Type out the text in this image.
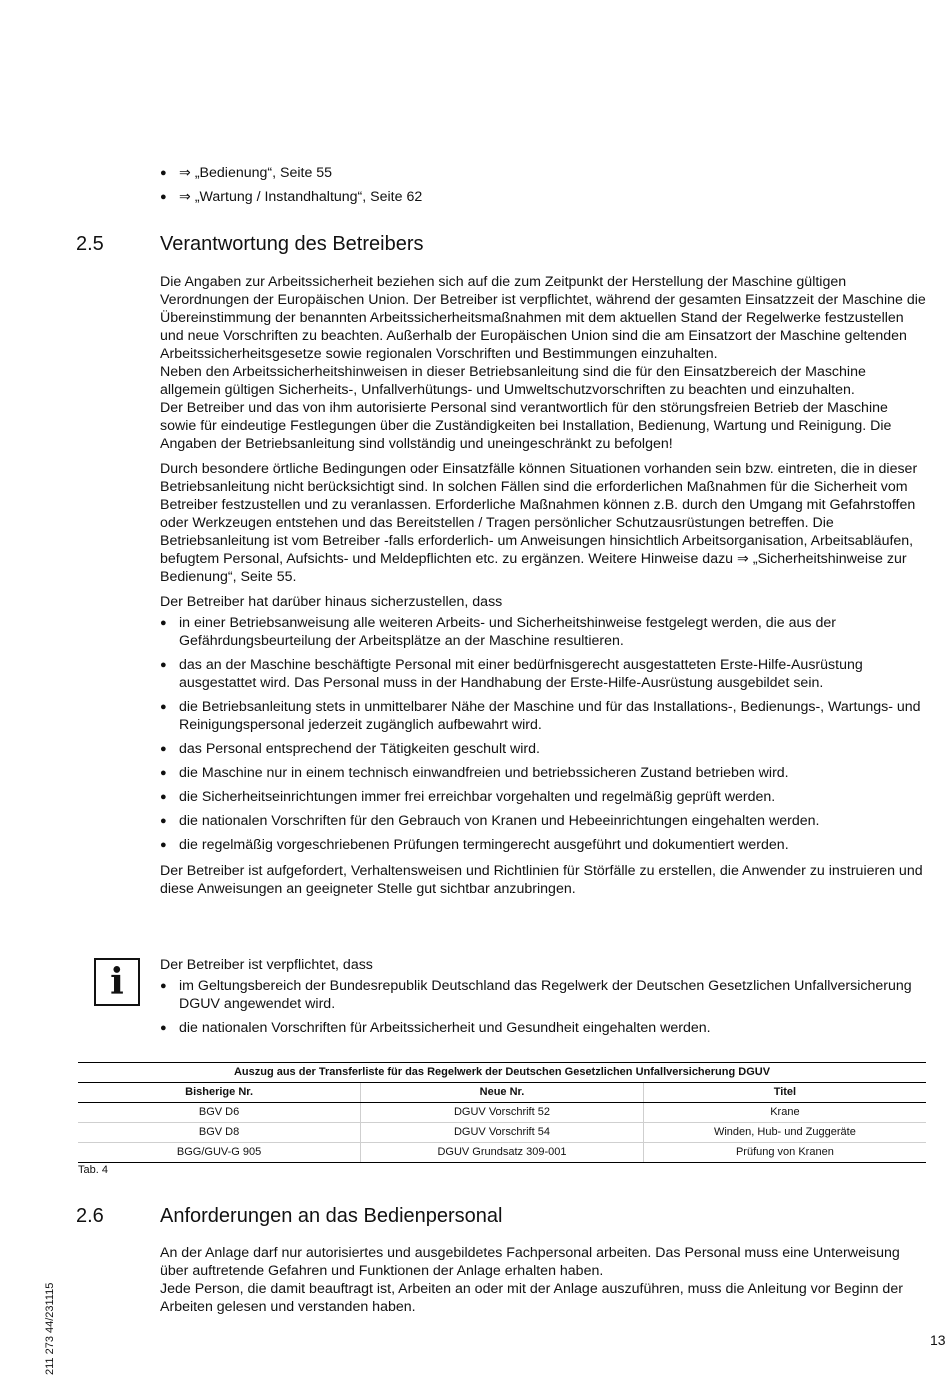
● ⇒ „Bedienung“, Seite 55

● ⇒ „Wartung / Instandhaltung“, Seite 62

2.5	Verantwortung des Betreibers

Die Angaben zur Arbeitssicherheit beziehen sich auf die zum Zeitpunkt der Herstellung der Maschine gültigen Verordnungen der Europäischen Union. Der Betreiber ist verpflichtet, während der gesamten Einsatzzeit der Maschine die Übereinstimmung der benannten Arbeitssicherheitsmaßnahmen mit dem aktuellen Stand der Regelwerke festzustellen und neue Vorschriften zu beachten. Außerhalb der Europäischen Union sind die am Einsatzort der Maschine geltenden Arbeitssicherheitsgesetze sowie regionalen Vorschriften und Bestimmungen einzuhalten.

Neben den Arbeitssicherheitshinweisen in dieser Betriebsanleitung sind die für den Einsatzbereich der Maschine allgemein gültigen Sicherheits-, Unfallverhütungs- und Umweltschutzvorschriften zu beachten und einzuhalten.

Der Betreiber und das von ihm autorisierte Personal sind verantwortlich für den störungsfreien Betrieb der Maschine sowie für eindeutige Festlegungen über die Zuständigkeiten bei Installation, Bedienung, Wartung und Reinigung. Die Angaben der Betriebsanleitung sind vollständig und uneingeschränkt zu befolgen!

Durch besondere örtliche Bedingungen oder Einsatzfälle können Situationen vorhanden sein bzw. eintreten, die in dieser Betriebsanleitung nicht berücksichtigt sind. In solchen Fällen sind die erforderlichen Maßnahmen für die Sicherheit vom Betreiber festzustellen und zu veranlassen. Erforderliche Maßnahmen können z.B. durch den Umgang mit Gefahrstoffen oder Werkzeugen entstehen und das Bereitstellen / Tragen persönlicher Schutzausrüstungen betreffen. Die Betriebsanleitung ist vom Betreiber -falls erforderlich- um Anweisungen hinsichtlich Arbeitsorganisation, Arbeitsabläufen, befugtem Personal, Aufsichts- und Meldepflichten etc. zu ergänzen. Weitere Hinweise dazu ⇒ „Sicherheitshinweise zur Bedienung“, Seite 55.

Der Betreiber hat darüber hinaus sicherzustellen, dass

● in einer Betriebsanweisung alle weiteren Arbeits- und Sicherheitshinweise festgelegt werden, die aus der Gefährdungsbeurteilung der Arbeitsplätze an der Maschine resultieren.

● das an der Maschine beschäftigte Personal mit einer bedürfnisgerecht ausgestatteten Erste-Hilfe-Ausrüstung ausgestattet wird. Das Personal muss in der Handhabung der Erste-Hilfe-Ausrüstung ausgebildet sein.

● die Betriebsanleitung stets in unmittelbarer Nähe der Maschine und für das Installations-, Bedienungs-, Wartungs- und Reinigungspersonal jederzeit zugänglich aufbewahrt wird.

● das Personal entsprechend der Tätigkeiten geschult wird.

● die Maschine nur in einem technisch einwandfreien und betriebssicheren Zustand betrieben wird.

● die Sicherheitseinrichtungen immer frei erreichbar vorgehalten und regelmäßig geprüft werden.

● die nationalen Vorschriften für den Gebrauch von Kranen und Hebeeinrichtungen eingehalten werden.

● die regelmäßig vorgeschriebenen Prüfungen termingerecht ausgeführt und dokumentiert werden.

Der Betreiber ist aufgefordert, Verhaltensweisen und Richtlinien für Störfälle zu erstellen, die Anwender zu instruieren und diese Anweisungen an geeigneter Stelle gut sichtbar anzubringen.

i	Der Betreiber ist verpflichtet, dass

● im Geltungsbereich der Bundesrepublik Deutschland das Regelwerk der Deutschen Gesetzlichen Unfallversicherung DGUV angewendet wird.

● die nationalen Vorschriften für Arbeitssicherheit und Gesundheit eingehalten werden.

Auszug aus der Transferliste für das Regelwerk der Deutschen Gesetzlichen Unfallversicherung DGUV		
Bisherige Nr.	Neue Nr.	Titel
BGV D6	DGUV Vorschrift 52	Krane
BGV D8	DGUV Vorschrift 54	Winden, Hub- und Zuggeräte
BGG/GUV-G 905	DGUV Grundsatz 309-001	Prüfung von Kranen
Tab. 4
2.6	Anforderungen an das Bedienpersonal

An der Anlage darf nur autorisiertes und ausgebildetes Fachpersonal arbeiten. Das Personal muss eine Unterweisung über auftretende Gefahren und Funktionen der Anlage erhalten haben.

Jede Person, die damit beauftragt ist, Arbeiten an oder mit der Anlage auszuführen, muss die Anleitung vor Beginn der Arbeiten gelesen und verstanden haben.

211 273 44/231115	13
